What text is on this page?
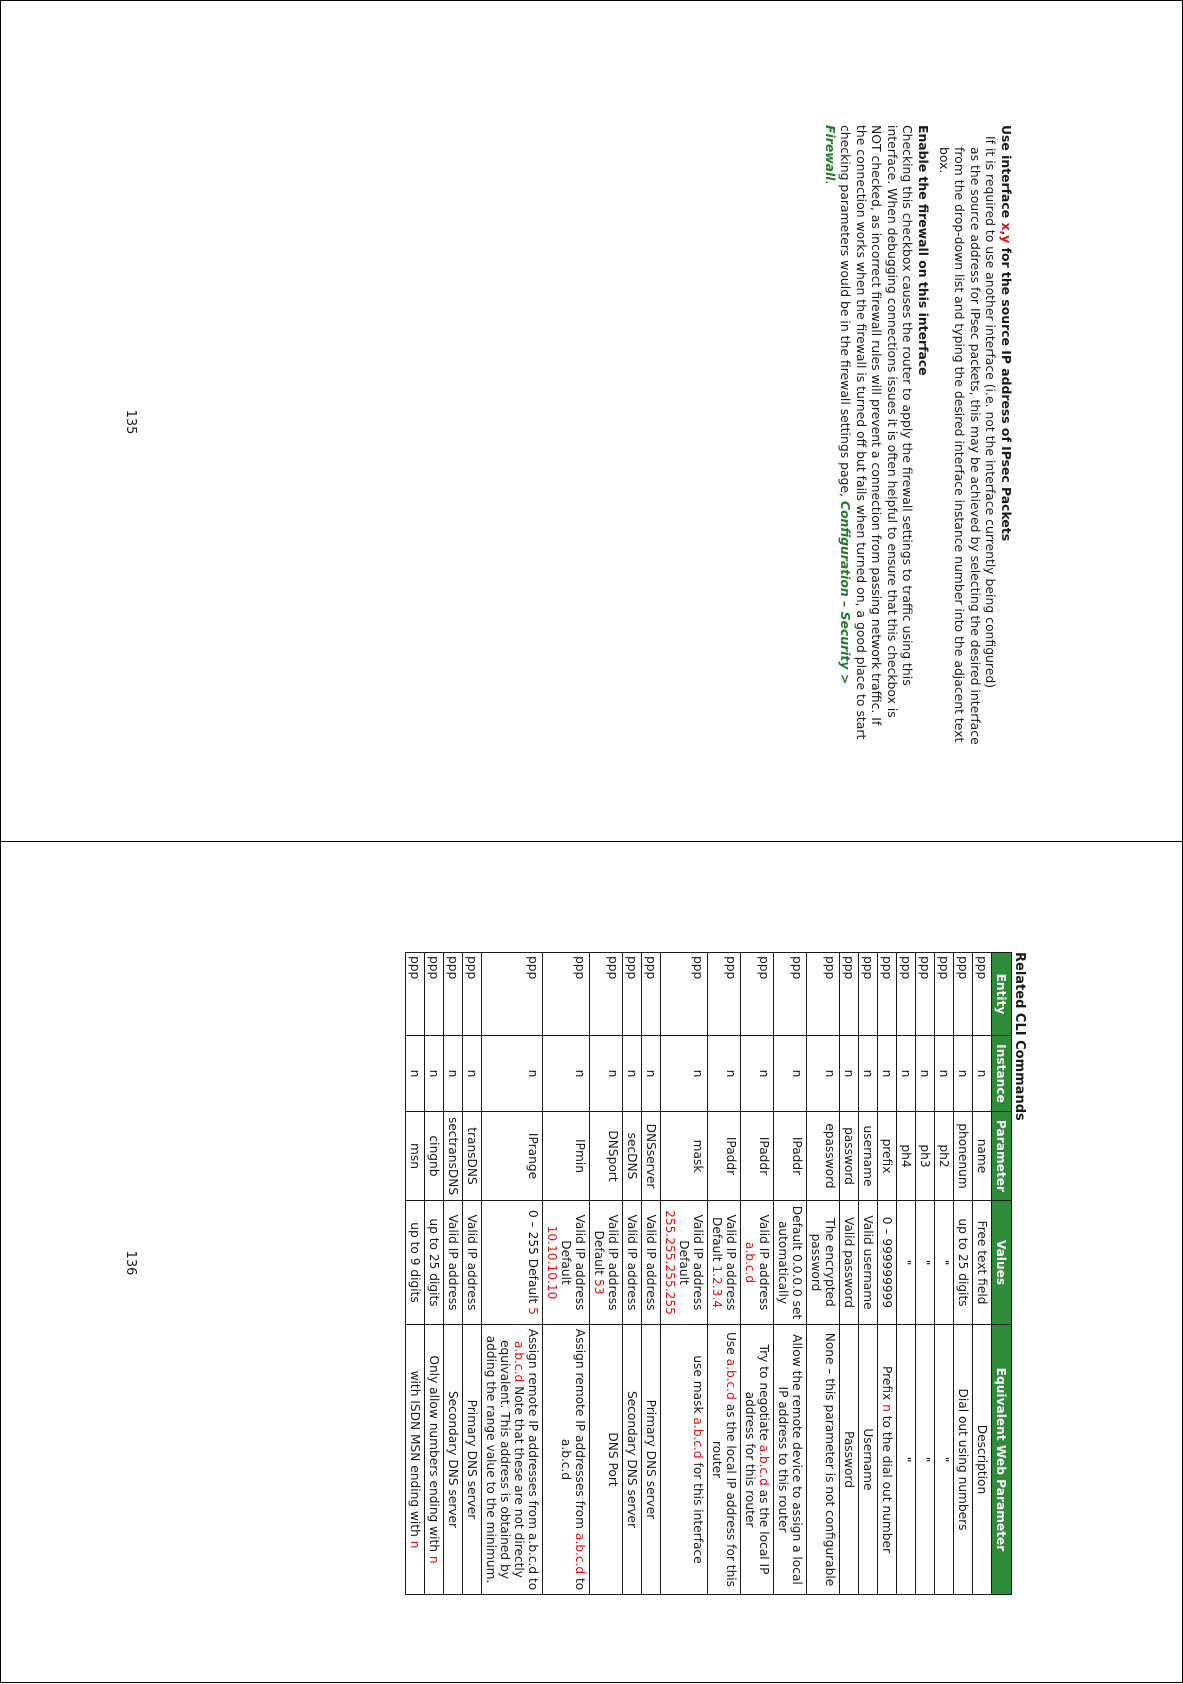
Use interface x,y for the source IP address of IPsec Packets

If it is required to use another interface (i.e. not the interface currently being configured)

as the source address for IPsec packets, this may be achieved by selecting the desired interface from the drop-down list and typing the desired interface instance number into the adjacent text box.

Enable the firewall on this interface

Checking this checkbox causes the router to apply the firewall settings to traffic using this interface. When debugging connections issues it is often helpful to ensure that this checkbox is NOT checked, as incorrect firewall rules will prevent a connection from passing network traffic. If the connection works when the firewall is turned off but fails when turned on, a good place to start checking parameters would be in the firewall settings page, Configuration – Security > Firewall.

135
Related CLI Commands
Entity	Instance	Parameter	Values	Equivalent Web Parameter
ppp	n	name	Free text field	Description
ppp	n	phonenum	up to 25 digits	Dial out using numbers
ppp	n	ph2	"	"
ppp	n	ph3	"	"
ppp	n	ph4	"	"
ppp	n	prefix	0 – 999999999	Prefix n to the dial out number
ppp	n	username	Valid username	Username
ppp	n	password	Valid password	Password
ppp	n	epassword	The encrypted password	None – this parameter is not configurable
ppp	n	IPaddr	Default 0.0.0.0 set automatically	Allow the remote device to assign a local IP address to this router
ppp	n	IPaddr	Valid IP address a.b.c.d	Try to negotiate a.b.c.d as the local IP address for this router
ppp	n	IPaddr	Valid IP address Default 1.2.3.4	Use a.b.c.d as the local IP address for this router
ppp	n	mask	Valid IP address Default 255.255.255.255	use mask a.b.c.d for this interface
ppp	n	DNSserver	Valid IP address	Primary DNS server
ppp	n	secDNS	Valid IP address	Secondary DNS server
ppp	n	DNSport	Valid IP address Default 53	DNS Port
ppp	n	IPmin	Valid IP address Default 10.10.10.10	Assign remote IP addresses from a.b.c.d to a.b.c.d
ppp	n	IPrange	0 – 255 Default 5	Assign remote IP addresses from a.b.c.d to a.b.c.d Note that these are not directly equivalent. This address is obtained by adding the range value to the minimum.
ppp	n	transDNS	Valid IP address	Primary DNS server
ppp	n	sectransDNS	Valid IP address	Secondary DNS server
ppp	n	cingnb	up to 25 digits	Only allow numbers ending with n
ppp	n	msn	up to 9 digits	with ISDN MSN ending with n
136
